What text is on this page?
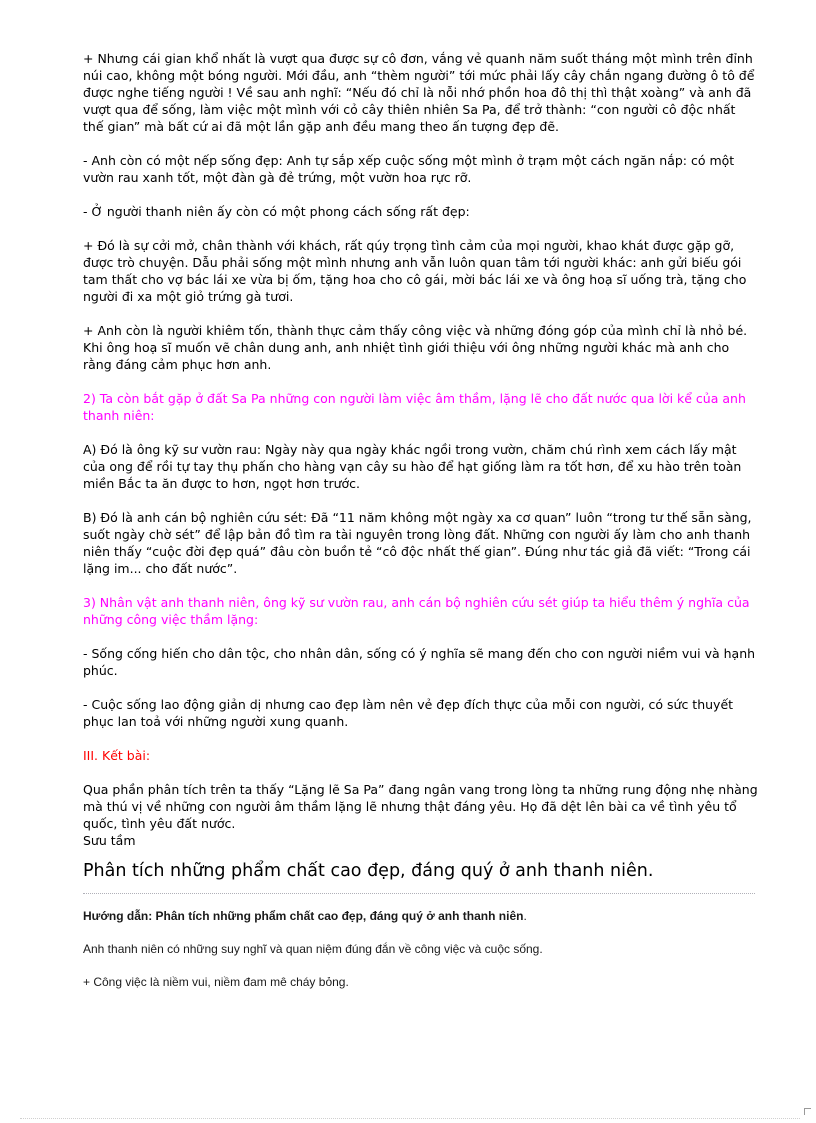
+ Nhưng cái gian khổ nhất là vượt qua được sự cô đơn, vắng vẻ quanh năm suốt tháng một mình trên đỉnh núi cao, không một bóng người. Mới đầu, anh “thèm người” tới mức phải lấy cây chắn ngang đường ô tô để được nghe tiếng người ! Về sau anh nghĩ: “Nếu đó chỉ là nỗi nhớ phồn hoa đô thị thì thật xoàng” và anh đã vượt qua để sống, làm việc một mình với cỏ cây thiên nhiên Sa Pa, để trở thành: “con người cô độc nhất thế gian” mà bất cứ ai đã một lần gặp anh đều mang theo ấn tượng đẹp đẽ.

- Anh còn có một nếp sống đẹp: Anh tự sắp xếp cuộc sống một mình ở trạm một cách ngăn nắp: có một vườn rau xanh tốt, một đàn gà đẻ trứng, một vườn hoa rực rỡ.

- Ở người thanh niên ấy còn có một phong cách sống rất đẹp:

+ Đó là sự cởi mở, chân thành với khách, rất qúy trọng tình cảm của mọi người, khao khát được gặp gỡ, được trò chuyện. Dẫu phải sống một mình nhưng anh vẫn luôn quan tâm tới người khác: anh gửi biếu gói tam thất cho vợ bác lái xe vừa bị ốm, tặng hoa cho cô gái, mời bác lái xe và ông hoạ sĩ uống trà, tặng cho người đi xa một giỏ trứng gà tươi.

+ Anh còn là người khiêm tốn, thành thực cảm thấy công việc và những đóng góp của mình chỉ là nhỏ bé. Khi ông hoạ sĩ muốn vẽ chân dung anh, anh nhiệt tình giới thiệu với ông những người khác mà anh cho rằng đáng cảm phục hơn anh.

2) Ta còn bắt gặp ở đất Sa Pa những con người làm việc âm thầm, lặng lẽ cho đất nước qua lời kể của anh thanh niên:

A) Đó là ông kỹ sư vườn rau: Ngày này qua ngày khác ngồi trong vườn, chăm chú rình xem cách lấy mật của ong để rồi tự tay thụ phấn cho hàng vạn cây su hào để hạt giống làm ra tốt hơn, để xu hào trên toàn miền Bắc ta ăn được to hơn, ngọt hơn trước.

B) Đó là anh cán bộ nghiên cứu sét: Đã “11 năm không một ngày xa cơ quan” luôn “trong tư thế sẵn sàng, suốt ngày chờ sét” để lập bản đồ tìm ra tài nguyên trong lòng đất. Những con người ấy làm cho anh thanh niên thấy “cuộc đời đẹp quá” đâu còn buồn tẻ “cô độc nhất thế gian”. Đúng như tác giả đã viết: “Trong cái lặng im... cho đất nước”.

3) Nhân vật anh thanh niên, ông kỹ sư vườn rau, anh cán bộ nghiên cứu sét giúp ta hiểu thêm ý nghĩa của những công việc thầm lặng:

- Sống cống hiến cho dân tộc, cho nhân dân, sống có ý nghĩa sẽ mang đến cho con người niềm vui và hạnh phúc.

- Cuộc sống lao động giản dị nhưng cao đẹp làm nên vẻ đẹp đích thực của mỗi con người, có sức thuyết phục lan toả với những người xung quanh.

III. Kết bài:

Qua phần phân tích trên ta thấy “Lặng lẽ Sa Pa” đang ngân vang trong lòng ta những rung động nhẹ nhàng mà thú vị về những con người âm thầm lặng lẽ nhưng thật đáng yêu. Họ đã dệt lên bài ca về tình yêu tổ quốc, tình yêu đất nước.

Sưu tầm

Phân tích những phẩm chất cao đẹp, đáng quý ở anh thanh niên.

Hướng dẫn: Phân tích những phẩm chất cao đẹp, đáng quý ở anh thanh niên.

Anh thanh niên có những suy nghĩ và quan niệm đúng đắn về công việc và cuộc sống.

+ Công việc là niềm vui, niềm đam mê cháy bỏng.
